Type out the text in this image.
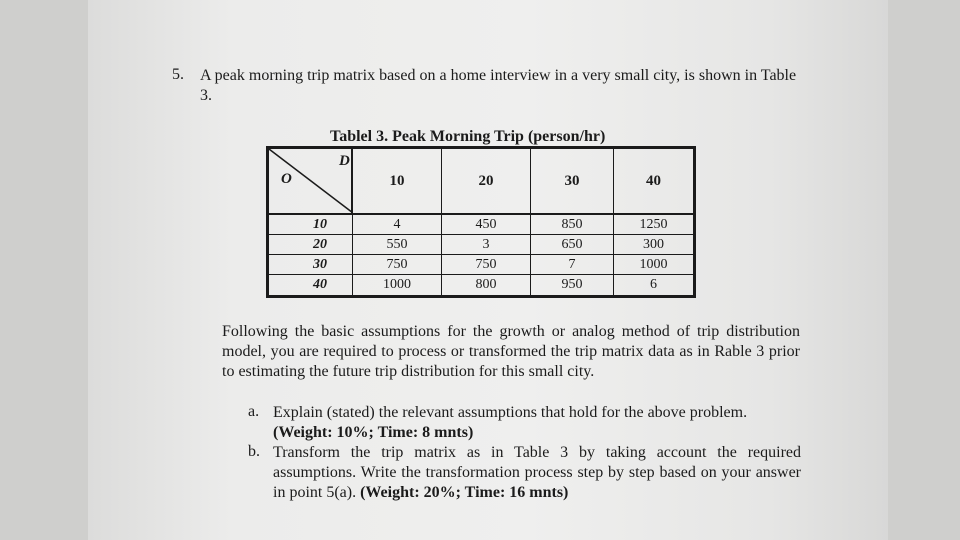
5. A peak morning trip matrix based on a home interview in a very small city, is shown in Table 3.
Tablel 3. Peak Morning Trip (person/hr)
D
O	10	20	30	40
10	4	450	850	1250
20	550	3	650	300
30	750	750	7	1000
40	1000	800	950	6
Following the basic assumptions for the growth or analog method of trip distribution model, you are required to process or transformed the trip matrix data as in Rable 3 prior to estimating the future trip distribution for this small city.
a. Explain (stated) the relevant assumptions that hold for the above problem.
(Weight: 10%; Time: 8 mnts)
b. Transform the trip matrix as in Table 3 by taking account the required assumptions. Write the transformation process step by step based on your answer in point 5(a). (Weight: 20%; Time: 16 mnts)
